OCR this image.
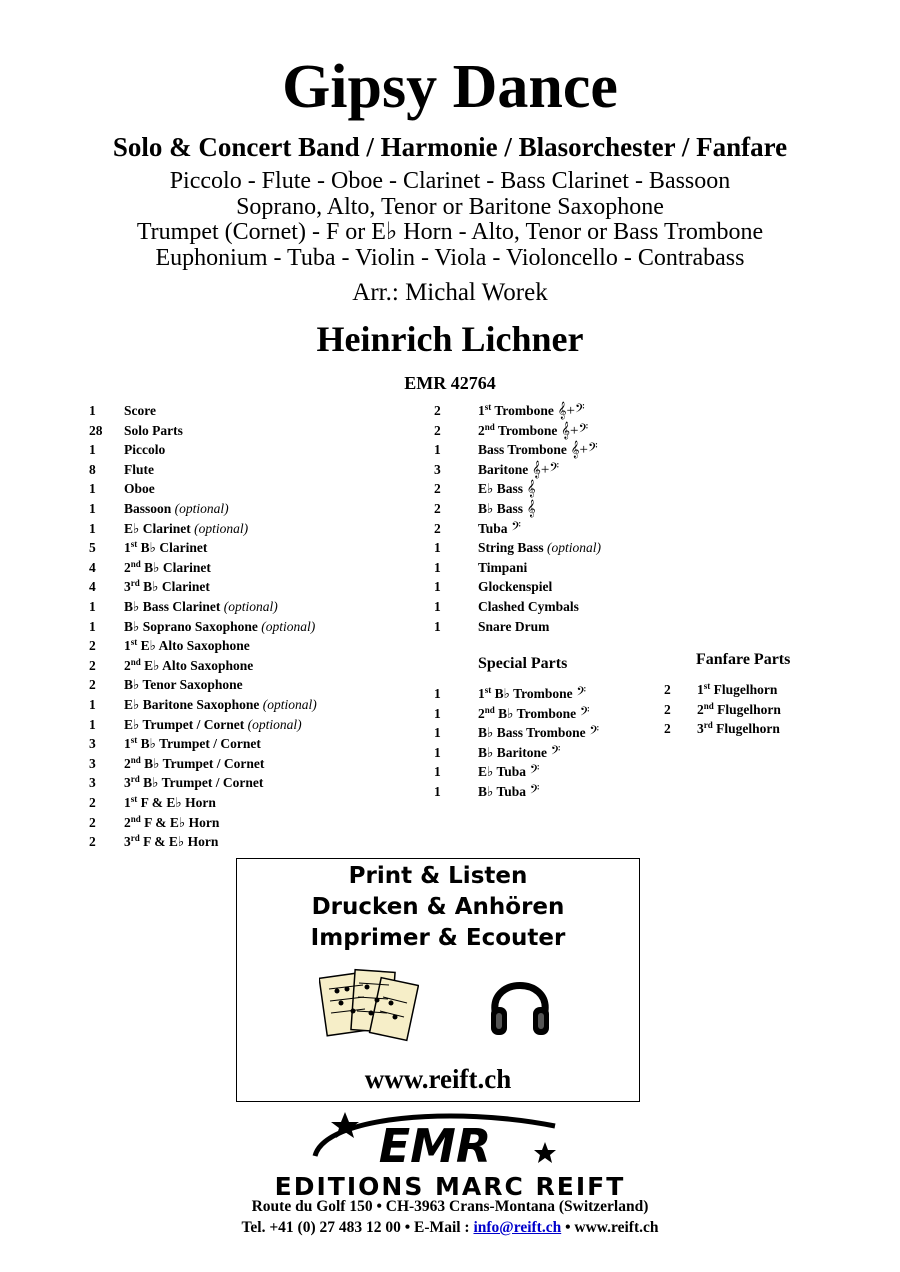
Gipsy Dance
Solo & Concert Band / Harmonie / Blasorchester / Fanfare
Piccolo - Flute - Oboe - Clarinet - Bass Clarinet - Bassoon
Soprano, Alto, Tenor or Baritone Saxophone
Trumpet (Cornet) - F or E♭ Horn - Alto, Tenor or Bass Trombone
Euphonium - Tuba - Violin - Viola - Violoncello - Contrabass
Arr.: Michal Worek
Heinrich Lichner
EMR 42764
1 Score
28 Solo Parts
1 Piccolo
8 Flute
1 Oboe
1 Bassoon (optional)
1 E♭ Clarinet (optional)
5 1st B♭ Clarinet
4 2nd B♭ Clarinet
4 3rd B♭ Clarinet
1 B♭ Bass Clarinet (optional)
1 B♭ Soprano Saxophone (optional)
2 1st E♭ Alto Saxophone
2 2nd E♭ Alto Saxophone
2 B♭ Tenor Saxophone
1 E♭ Baritone Saxophone (optional)
1 E♭ Trumpet / Cornet (optional)
3 1st B♭ Trumpet / Cornet
3 2nd B♭ Trumpet / Cornet
3 3rd B♭ Trumpet / Cornet
2 1st F & E♭ Horn
2 2nd F & E♭ Horn
2 3rd F & E♭ Horn
2	1st Trombone 𝄞+𝄢
2	2nd Trombone 𝄞+𝄢
1	Bass Trombone 𝄞+𝄢
3	Baritone 𝄞+𝄢
2	E♭ Bass 𝄞
2	B♭ Bass 𝄞
2	Tuba 𝄢
1	String Bass (optional)
1	Timpani
1	Glockenspiel
1	Clashed Cymbals
1	Snare Drum
Special Parts
1	1st B♭ Trombone 𝄢
1	2nd B♭ Trombone 𝄢
1	B♭ Bass Trombone 𝄢
1	B♭ Baritone 𝄢
1	E♭ Tuba 𝄢
1	B♭ Tuba 𝄢
Fanfare Parts
2 1st Flugelhorn
2 2nd Flugelhorn
2 3rd Flugelhorn
Print & Listen
Drucken & Anhören
Imprimer & Ecouter
www.reift.ch
EMR
EDITIONS MARC REIFT
Route du Golf 150 • CH-3963 Crans-Montana (Switzerland)
Tel. +41 (0) 27 483 12 00 • E-Mail : info@reift.ch • www.reift.ch
